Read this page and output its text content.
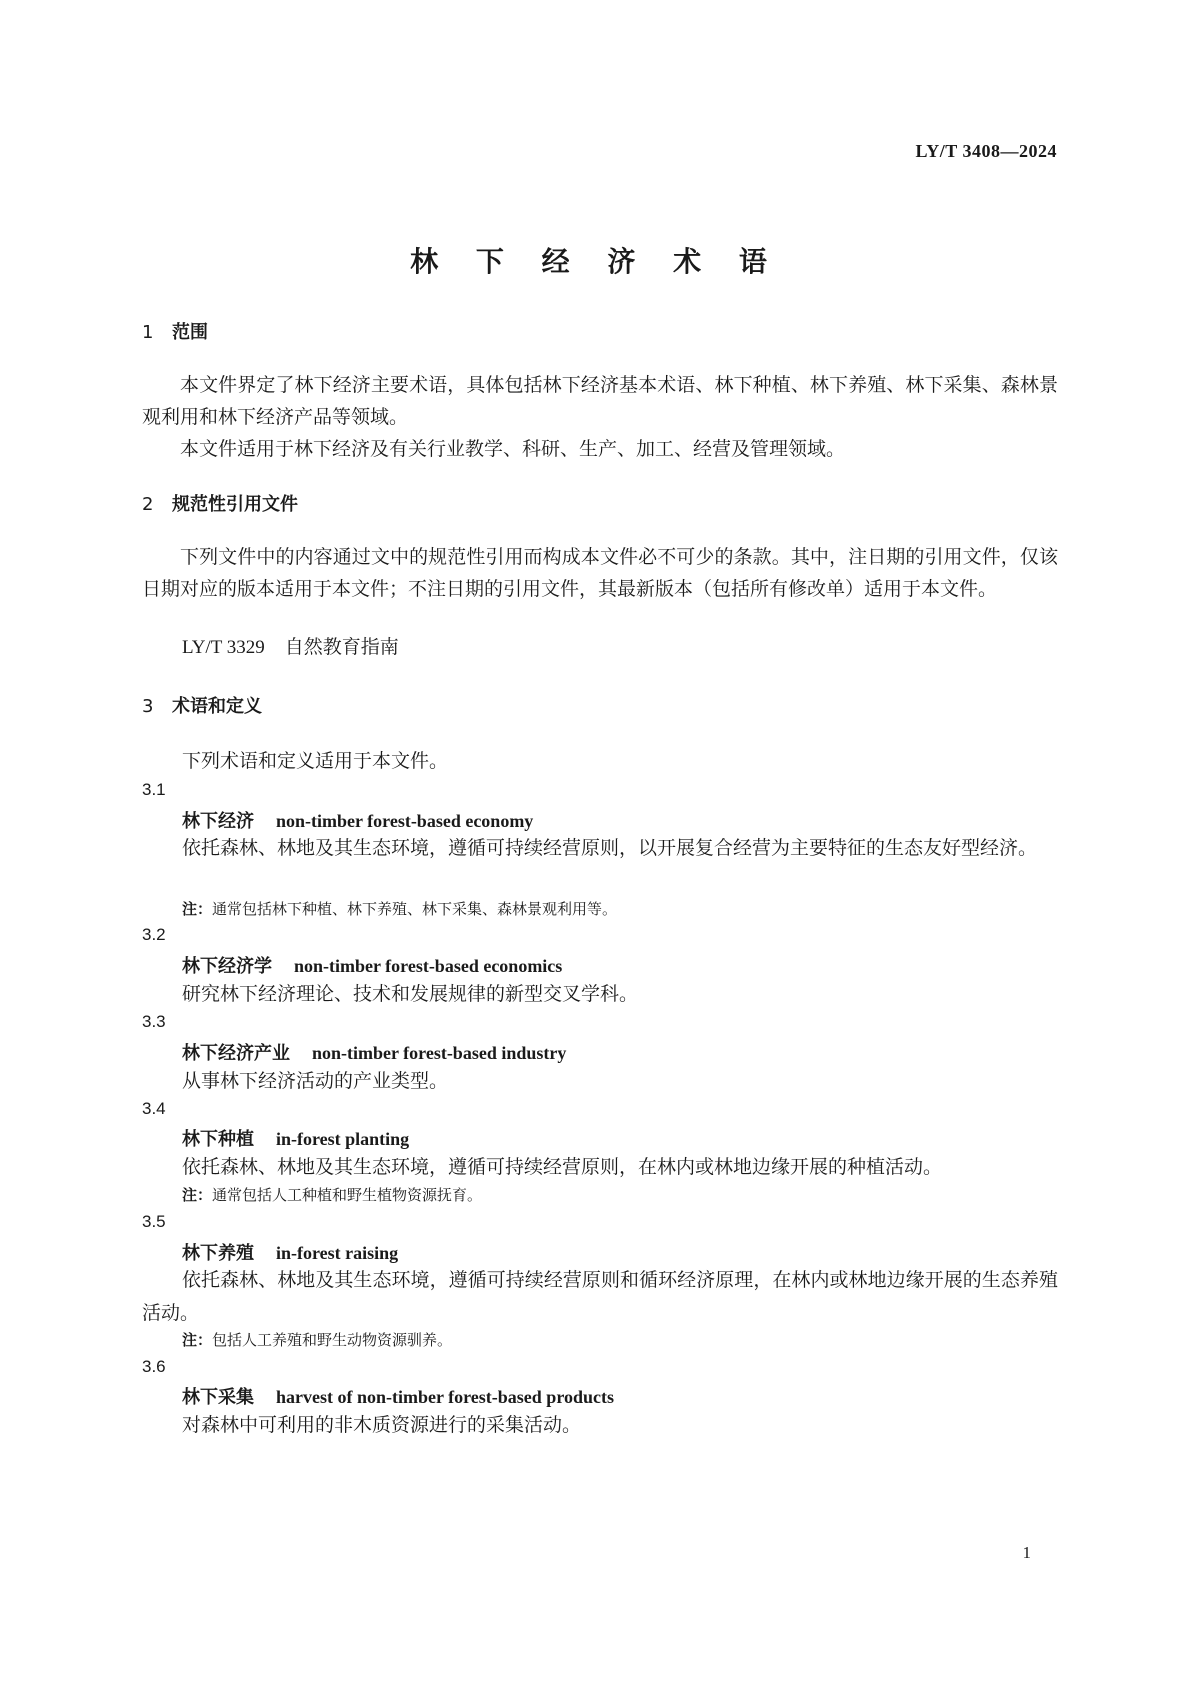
LY/T 3408—2024
林 下 经 济 术 语
1 范围

本文件界定了林下经济主要术语，具体包括林下经济基本术语、林下种植、林下养殖、林下采集、森林景观利用和林下经济产品等领域。

本文件适用于林下经济及有关行业教学、科研、生产、加工、经营及管理领域。

2 规范性引用文件

下列文件中的内容通过文中的规范性引用而构成本文件必不可少的条款。其中，注日期的引用文件，仅该日期对应的版本适用于本文件；不注日期的引用文件，其最新版本（包括所有修改单）适用于本文件。

LY/T 3329 自然教育指南
3 术语和定义
下列术语和定义适用于本文件。
3.1
林下经济 non-timber forest-based economy

依托森林、林地及其生态环境，遵循可持续经营原则，以开展复合经营为主要特征的生态友好型经济。

注：通常包括林下种植、林下养殖、林下采集、森林景观利用等。
3.2
林下经济学 non-timber forest-based economics

研究林下经济理论、技术和发展规律的新型交叉学科。

3.3
林下经济产业 non-timber forest-based industry

从事林下经济活动的产业类型。

3.4
林下种植 in-forest planting

依托森林、林地及其生态环境，遵循可持续经营原则，在林内或林地边缘开展的种植活动。

注：通常包括人工种植和野生植物资源抚育。
3.5
林下养殖 in-forest raising

依托森林、林地及其生态环境，遵循可持续经营原则和循环经济原理，在林内或林地边缘开展的生态养殖活动。

注：包括人工养殖和野生动物资源驯养。
3.6
林下采集 harvest of non-timber forest-based products

对森林中可利用的非木质资源进行的采集活动。

1
